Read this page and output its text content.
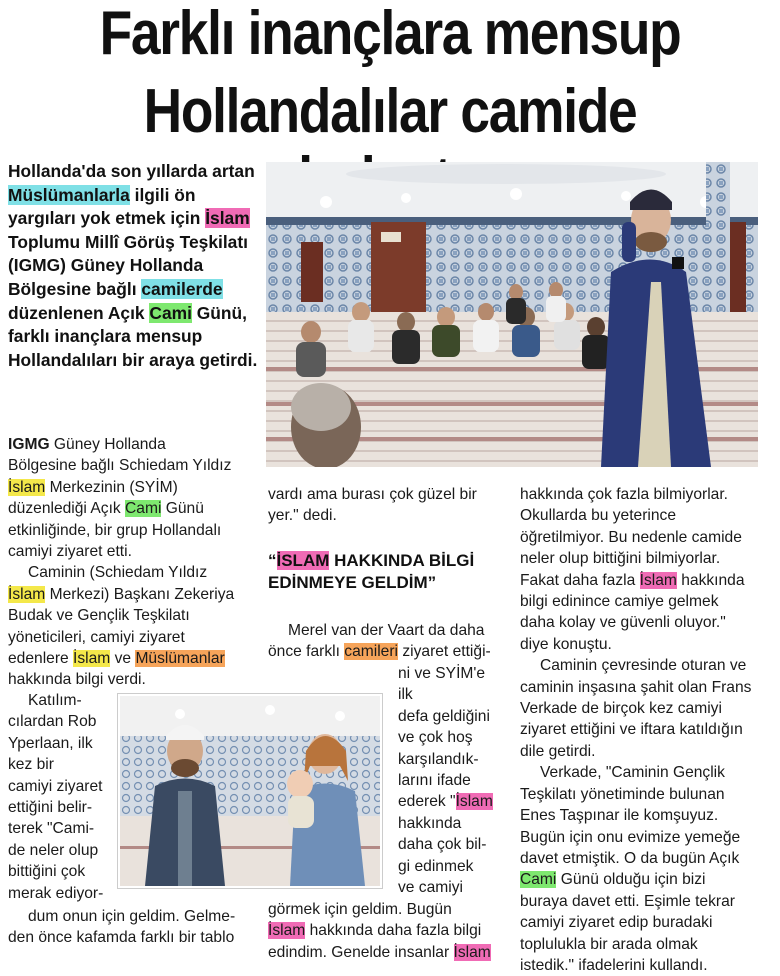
Farklı inançlara mensup
Hollandalılar camide
Hollanda'da son yıllarda artan Müslümanlarla ilgili ön yargıları yok etmek için İslam Toplumu Millî Görüş Teşkilatı (IGMG) Güney Hollanda Bölgesine bağlı camilerde düzenlenen Açık Cami Günü, farklı inançlara mensup Hollandalıları bir araya getirdi.

IGMG Güney Hollanda Bölgesine bağlı Schiedam Yıldız İslam Merkezinin (SYİM) düzenlediği Açık Cami Günü etkinliğinde, bir grup Hollandalı camiyi ziyaret etti.

Caminin (Schiedam Yıldız İslam Merkezi) Başkanı Zekeriya Budak ve Gençlik Teşkilatı yöneticileri, camiyi ziyaret edenlere İslam ve Müslümanlar hakkında bilgi verdi.

Katılım-
cılardan Rob
Yperlaan, ilk
kez bir
camiyi ziyaret
ettiğini belir-
terek "Cami-
de neler olup
bittiğini çok
merak ediyor-
dum onun için geldim. Gelme-
den önce kafamda farklı bir tablo

vardı ama burası çok güzel bir yer." dedi.

“İSLAM HAKKINDA BİLGİ EDİNMEYE GELDİM”

Merel van der Vaart da daha önce farklı camileri ziyaret ettiği-

ni ve SYİM'e ilk
defa geldiğini
ve çok hoş
karşılandık-
larını ifade
ederek "İslam
hakkında
daha çok bil-
gi edinmek
ve camiyi
görmek için geldim. Bugün
İslam hakkında daha fazla bilgi
edindim. Genelde insanlar İslam

hakkında çok fazla bilmiyorlar. Okullarda bu yeterince öğretilmiyor. Bu nedenle camide neler olup bittiğini bilmiyorlar. Fakat daha fazla İslam hakkında bilgi edinince camiye gelmek daha kolay ve güvenli oluyor." diye konuştu.

Caminin çevresinde oturan ve caminin inşasına şahit olan Frans Verkade de birçok kez camiyi ziyaret ettiğini ve iftara katıldığın dile getirdi.

Verkade, "Caminin Gençlik Teşkilatı yönetiminde bulunan Enes Taşpınar ile komşuyuz. Bugün için onu evimize yemeğe davet etmiştik. O da bugün Açık Cami Günü olduğu için bizi buraya davet etti. Eşimle tekrar camiyi ziyaret edip buradaki toplulukla bir arada olmak istedik." ifadelerini kullandı.
